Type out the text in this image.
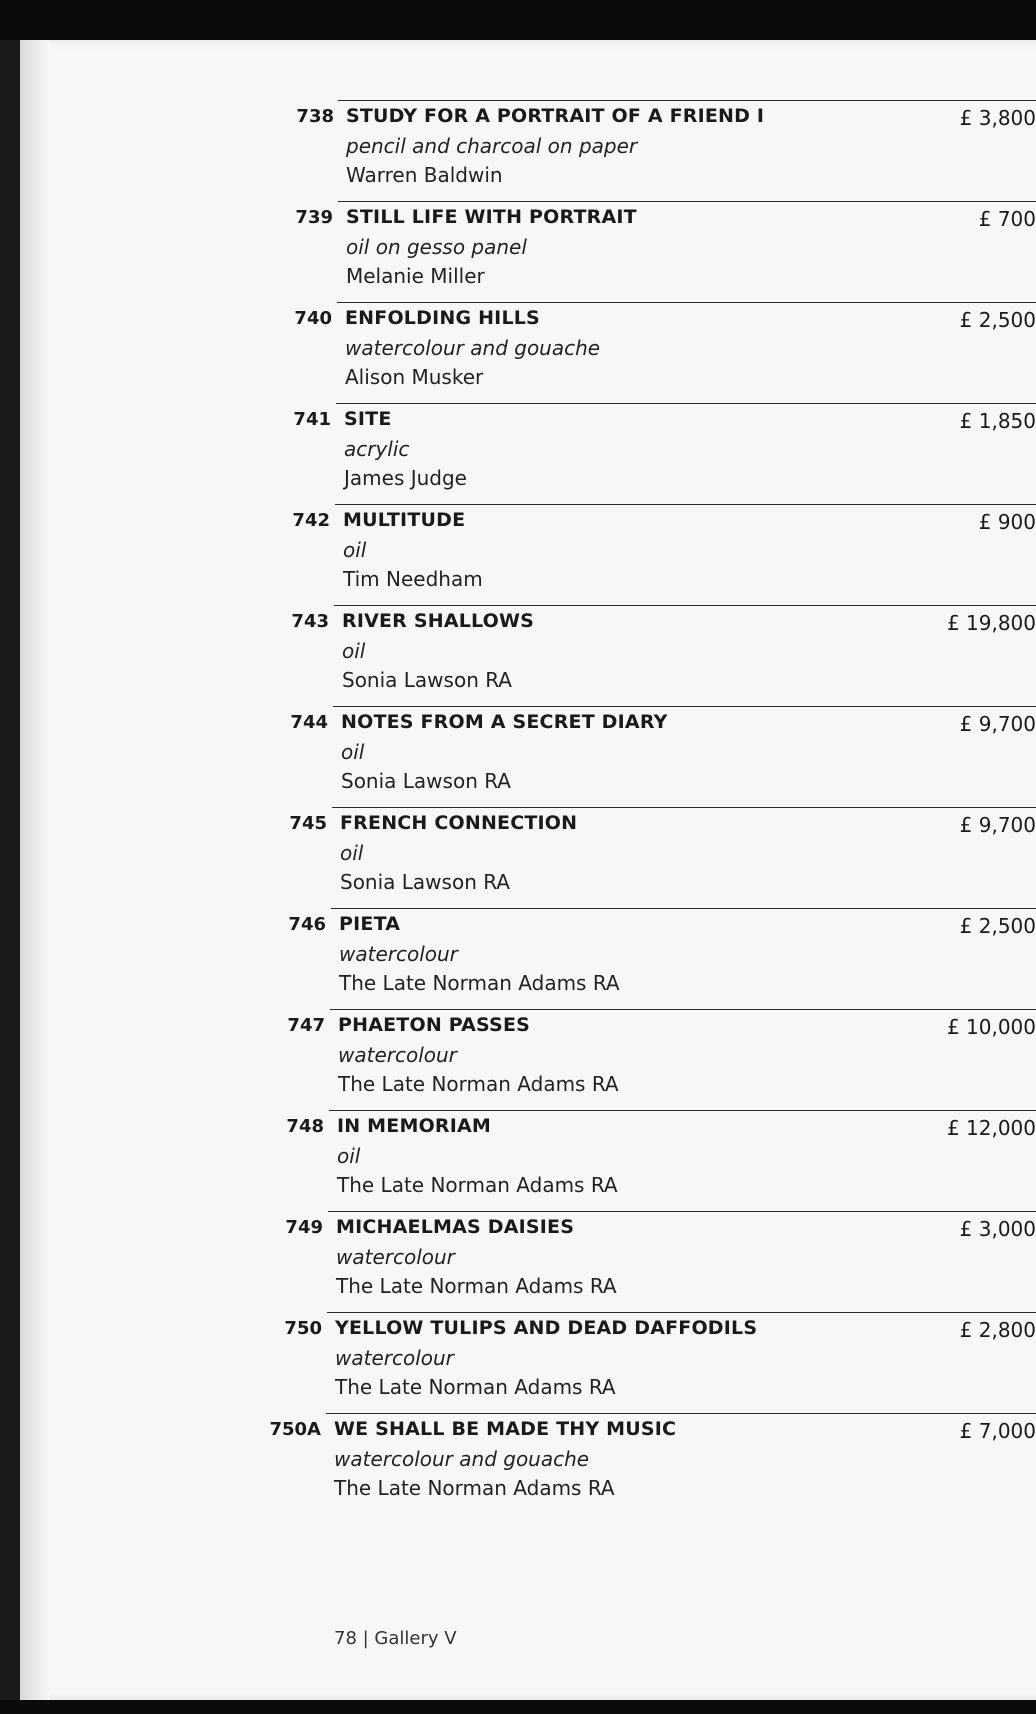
738 STUDY FOR A PORTRAIT OF A FRIEND I
pencil and charcoal on paper
Warren Baldwin
£ 3,800
739 STILL LIFE WITH PORTRAIT
oil on gesso panel
Melanie Miller
£ 700
740 ENFOLDING HILLS
watercolour and gouache
Alison Musker
£ 2,500
741 SITE
acrylic
James Judge
£ 1,850
742 MULTITUDE
oil
Tim Needham
£ 900
743 RIVER SHALLOWS
oil
Sonia Lawson RA
£ 19,800
744 NOTES FROM A SECRET DIARY
oil
Sonia Lawson RA
£ 9,700
745 FRENCH CONNECTION
oil
Sonia Lawson RA
£ 9,700
746 PIETA
watercolour
The Late Norman Adams RA
£ 2,500
747 PHAETON PASSES
watercolour
The Late Norman Adams RA
£ 10,000
748 IN MEMORIAM
oil
The Late Norman Adams RA
£ 12,000
749 MICHAELMAS DAISIES
watercolour
The Late Norman Adams RA
£ 3,000
750 YELLOW TULIPS AND DEAD DAFFODILS
watercolour
The Late Norman Adams RA
£ 2,800
750A WE SHALL BE MADE THY MUSIC
watercolour and gouache
The Late Norman Adams RA
£ 7,000
78 | Gallery V
